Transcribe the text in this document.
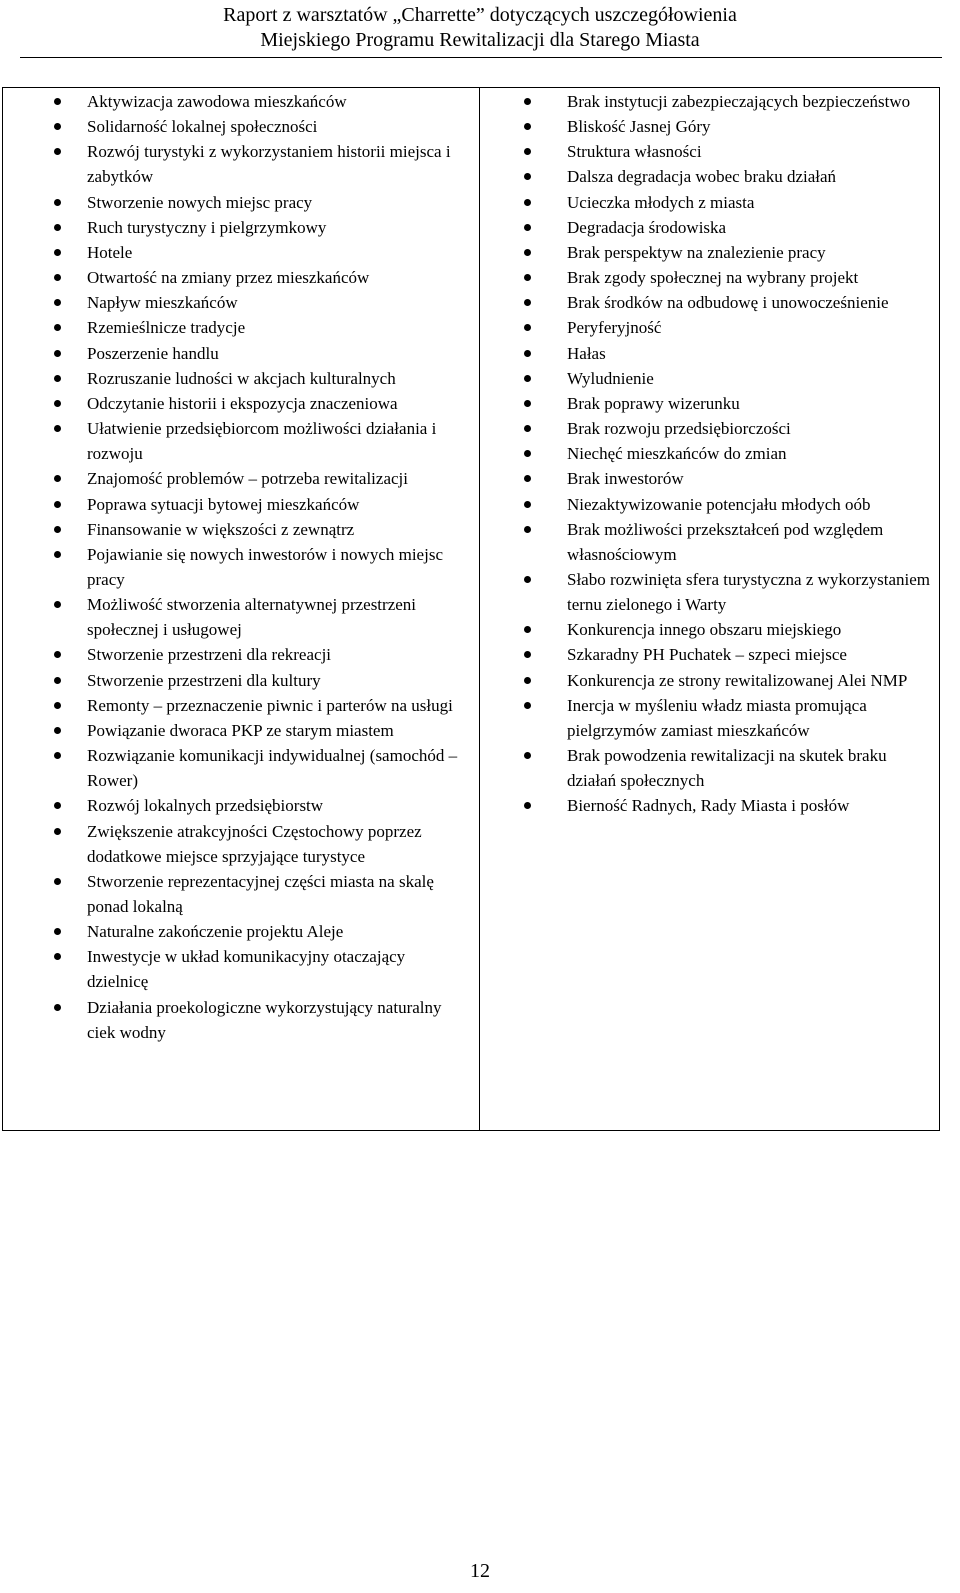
Raport z warsztatów „Charrette” dotyczących uszczegółowienia
Miejskiego Programu Rewitalizacji dla Starego Miasta
Aktywizacja zawodowa mieszkańców
Solidarność lokalnej społeczności
Rozwój turystyki z wykorzystaniem historii miejsca i zabytków
Stworzenie nowych miejsc pracy
Ruch turystyczny i pielgrzymkowy
Hotele
Otwartość na zmiany przez mieszkańców
Napływ mieszkańców
Rzemieślnicze tradycje
Poszerzenie handlu
Rozruszanie ludności w akcjach kulturalnych
Odczytanie historii i ekspozycja znaczeniowa
Ułatwienie przedsiębiorcom możliwości działania i rozwoju
Znajomość problemów – potrzeba rewitalizacji
Poprawa sytuacji bytowej mieszkańców
Finansowanie w większości z zewnątrz
Pojawianie się nowych inwestorów i nowych miejsc pracy
Możliwość stworzenia alternatywnej przestrzeni społecznej i usługowej
Stworzenie przestrzeni dla rekreacji
Stworzenie przestrzeni dla kultury
Remonty – przeznaczenie piwnic i parterów na usługi
Powiązanie dworaca PKP ze starym miastem
Rozwiązanie komunikacji indywidualnej (samochód – Rower)
Rozwój lokalnych przedsiębiorstw
Zwiększenie atrakcyjności Częstochowy poprzez dodatkowe miejsce sprzyjające turystyce
Stworzenie reprezentacyjnej części miasta na skalę ponad lokalną
Naturalne zakończenie projektu Aleje
Inwestycje w układ komunikacyjny otaczający dzielnicę
Działania proekologiczne wykorzystujący naturalny ciek wodny
Brak instytucji zabezpieczających bezpieczeństwo
Bliskość Jasnej Góry
Struktura własności
Dalsza degradacja wobec braku działań
Ucieczka młodych z miasta
Degradacja środowiska
Brak perspektyw na znalezienie pracy
Brak zgody społecznej na wybrany projekt
Brak środków na odbudowę i unowocześnienie
Peryferyjność
Hałas
Wyludnienie
Brak poprawy wizerunku
Brak rozwoju przedsiębiorczości
Niechęć mieszkańców do zmian
Brak inwestorów
Niezaktywizowanie potencjału młodych oób
Brak możliwości przekształceń pod względem własnościowym
Słabo rozwinięta sfera turystyczna z wykorzystaniem ternu zielonego i Warty
Konkurencja innego obszaru miejskiego
Szkaradny PH Puchatek – szpeci miejsce
Konkurencja ze strony rewitalizowanej Alei NMP
Inercja w myśleniu władz miasta promująca pielgrzymów zamiast mieszkańców
Brak powodzenia rewitalizacji na skutek braku działań społecznych
Bierność Radnych, Rady Miasta i posłów
12
